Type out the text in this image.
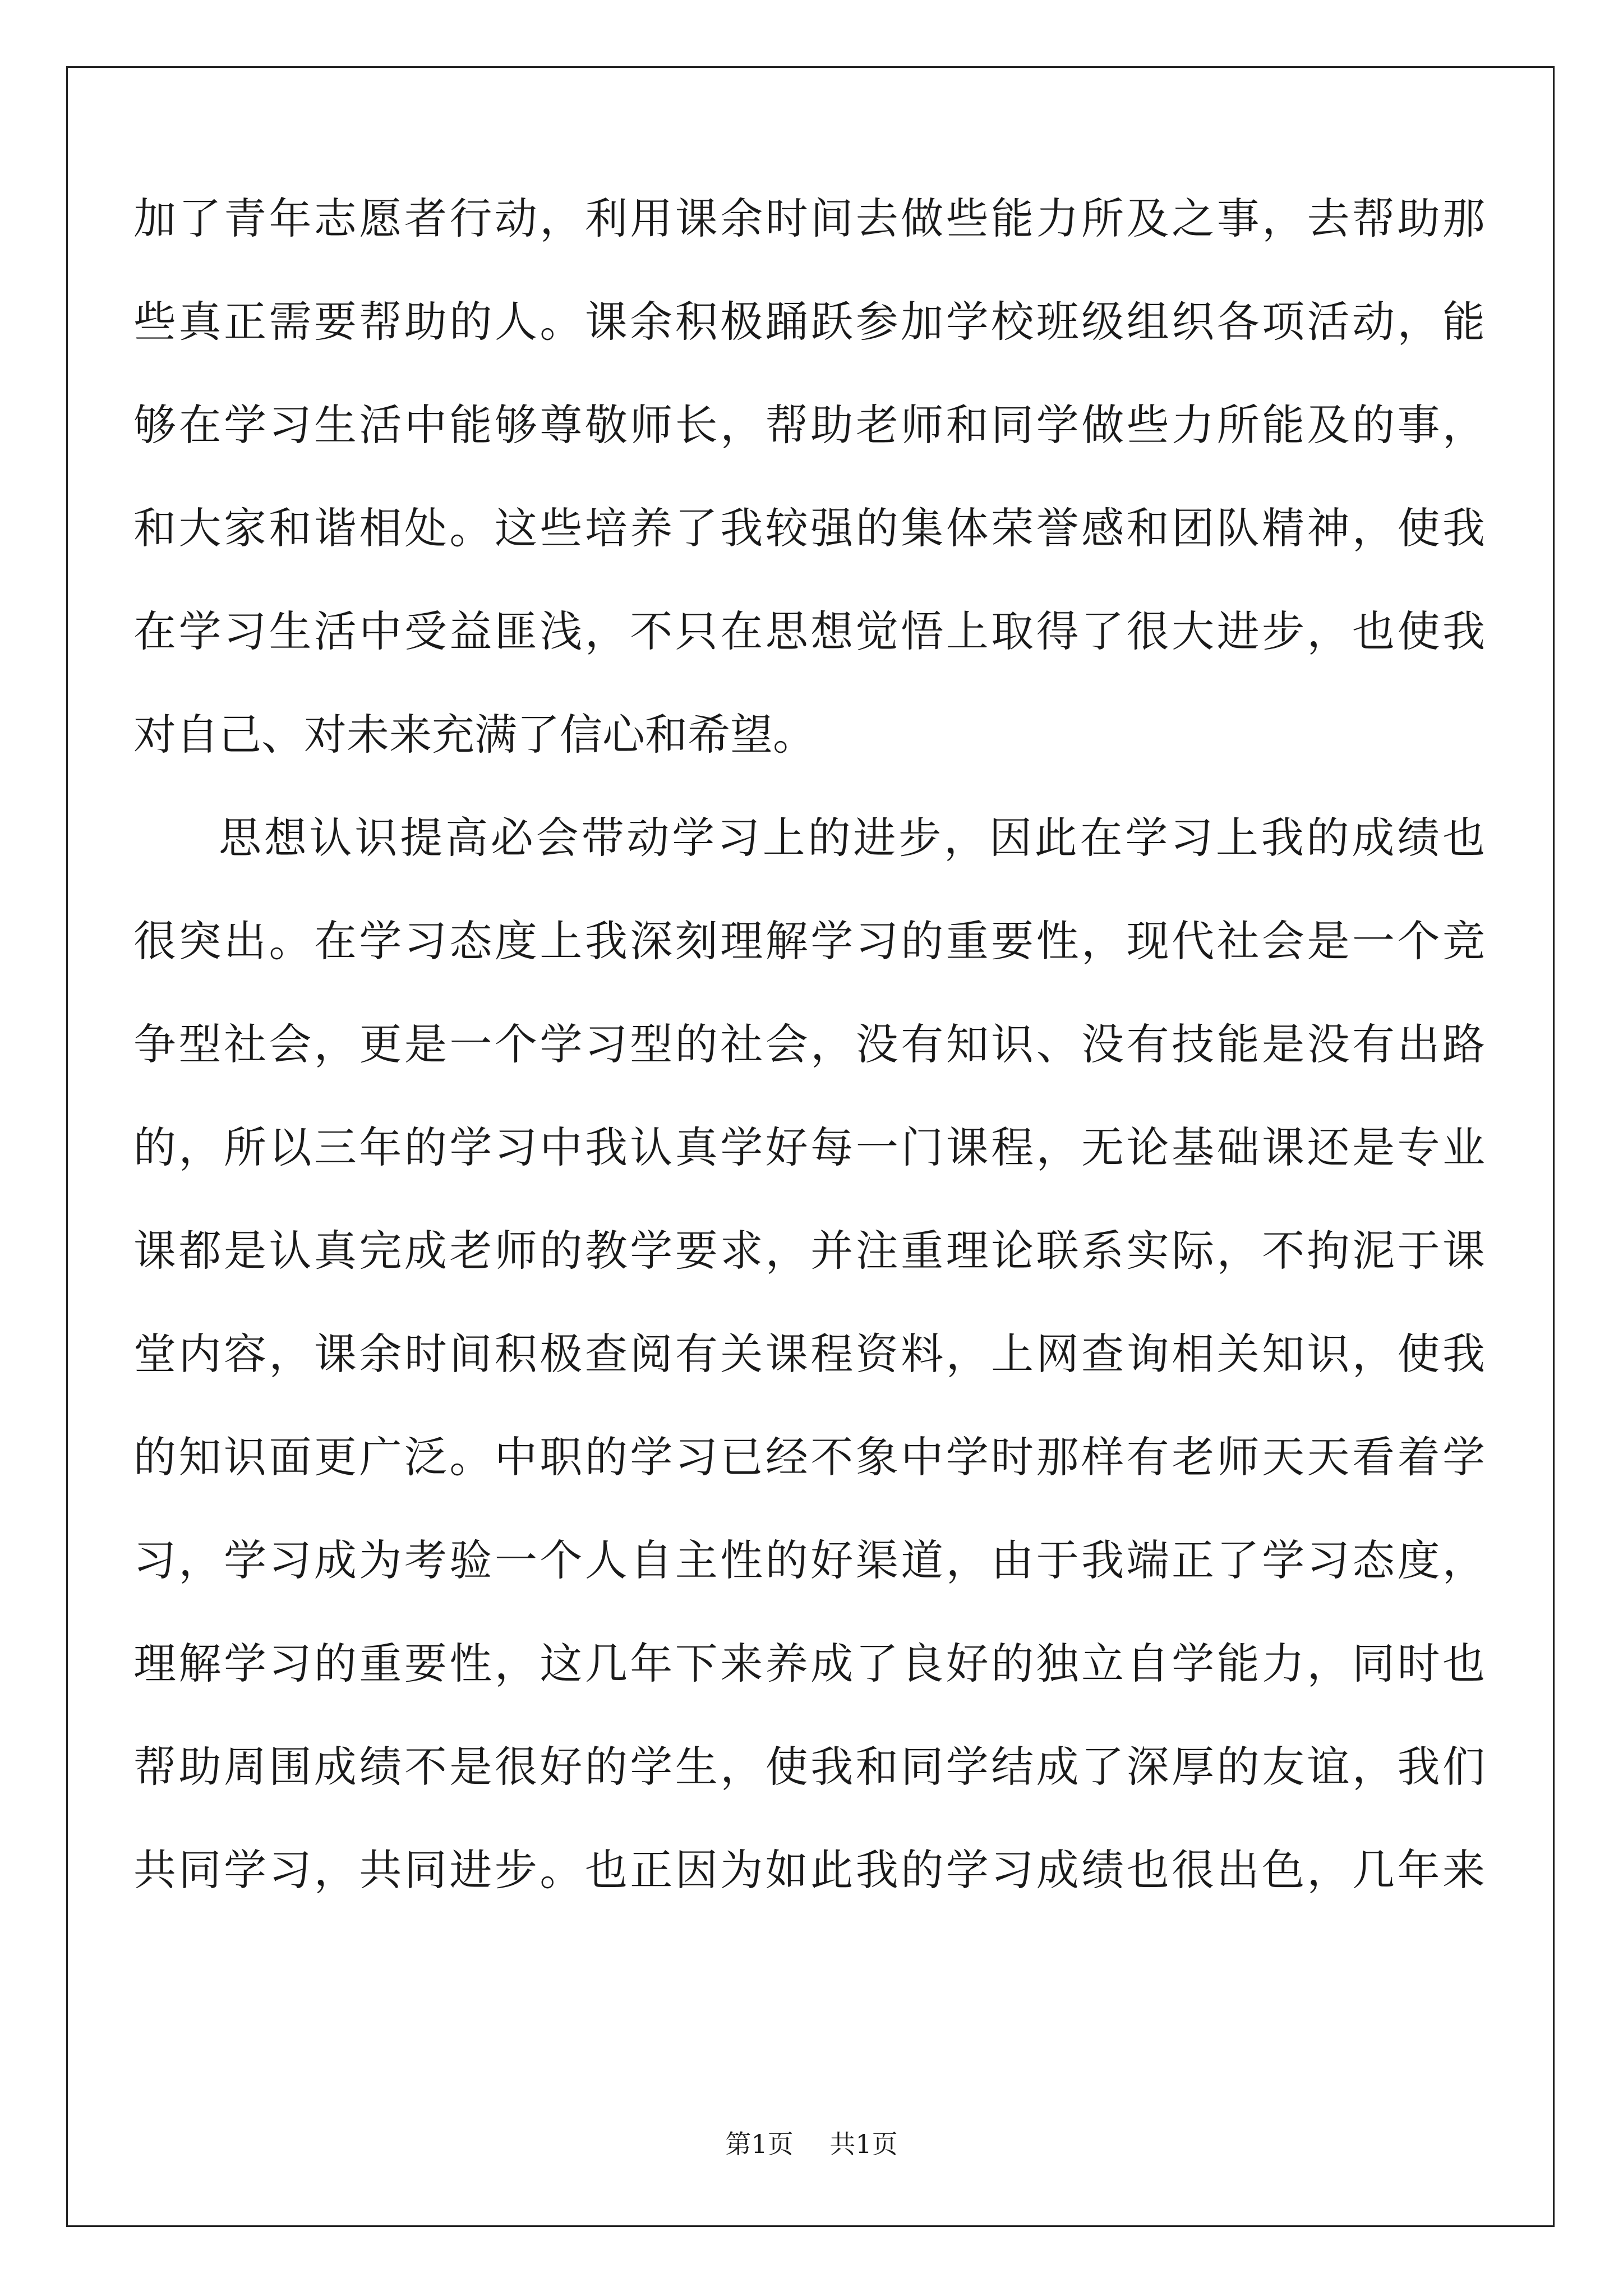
加了青年志愿者行动，利用课余时间去做些能力所及之事，去帮助那
些真正需要帮助的人。课余积极踊跃参加学校班级组织各项活动，能
够在学习生活中能够尊敬师长，帮助老师和同学做些力所能及的事，
和大家和谐相处。这些培养了我较强的集体荣誉感和团队精神，使我
在学习生活中受益匪浅，不只在思想觉悟上取得了很大进步，也使我
对自己、对未来充满了信心和希望。
思想认识提高必会带动学习上的进步，因此在学习上我的成绩也
很突出。在学习态度上我深刻理解学习的重要性，现代社会是一个竞
争型社会，更是一个学习型的社会，没有知识、没有技能是没有出路
的，所以三年的学习中我认真学好每一门课程，无论基础课还是专业
课都是认真完成老师的教学要求，并注重理论联系实际，不拘泥于课
堂内容，课余时间积极查阅有关课程资料，上网查询相关知识，使我
的知识面更广泛。中职的学习已经不象中学时那样有老师天天看着学
习，学习成为考验一个人自主性的好渠道，由于我端正了学习态度，
理解学习的重要性，这几年下来养成了良好的独立自学能力，同时也
帮助周围成绩不是很好的学生，使我和同学结成了深厚的友谊，我们
共同学习，共同进步。也正因为如此我的学习成绩也很出色，几年来
第1页 共1页
